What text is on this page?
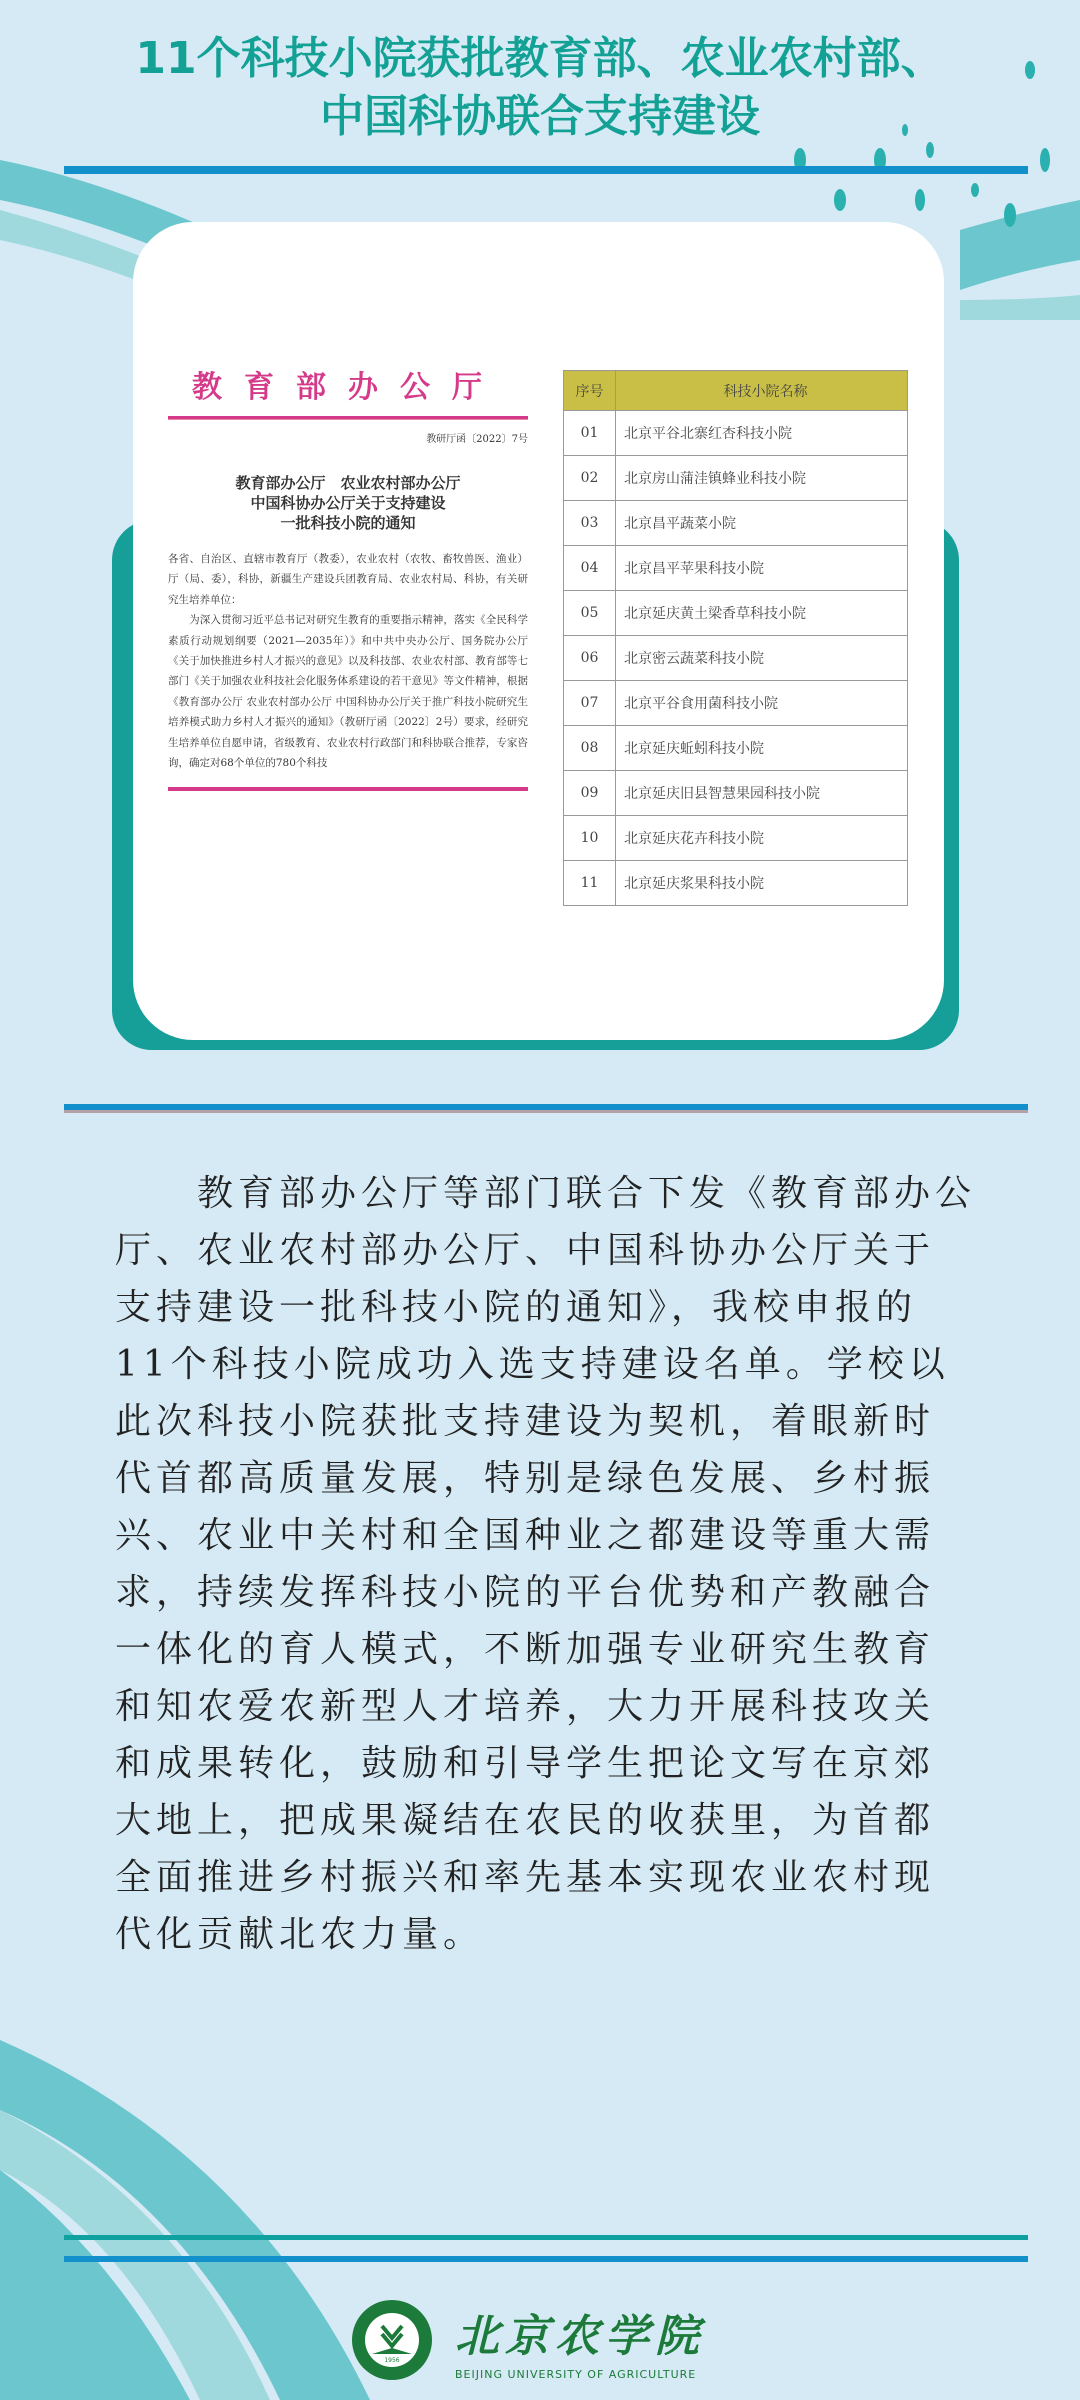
11个科技小院获批教育部、农业农村部、
中国科协联合支持建设
教育部办公厅
教研厅函〔2022〕7号
教育部办公厅　农业农村部办公厅
中国科协办公厅关于支持建设
一批科技小院的通知
各省、自治区、直辖市教育厅（教委），农业农村（农牧、畜牧兽医、渔业）厅（局、委），科协，新疆生产建设兵团教育局、农业农村局、科协，有关研究生培养单位：
　　为深入贯彻习近平总书记对研究生教育的重要指示精神，落实《全民科学素质行动规划纲要（2021—2035年）》和中共中央办公厅、国务院办公厅《关于加快推进乡村人才振兴的意见》以及科技部、农业农村部、教育部等七部门《关于加强农业科技社会化服务体系建设的若干意见》等文件精神，根据《教育部办公厅 农业农村部办公厅 中国科协办公厅关于推广科技小院研究生培养模式助力乡村人才振兴的通知》（教研厅函〔2022〕2号）要求，经研究生培养单位自愿申请，省级教育、农业农村行政部门和科协联合推荐，专家咨询，确定对68个单位的780个科技
序号	科技小院名称
01	北京平谷北寨红杏科技小院
02	北京房山蒲洼镇蜂业科技小院
03	北京昌平蔬菜小院
04	北京昌平苹果科技小院
05	北京延庆黄土梁香草科技小院
06	北京密云蔬菜科技小院
07	北京平谷食用菌科技小院
08	北京延庆蚯蚓科技小院
09	北京延庆旧县智慧果园科技小院
10	北京延庆花卉科技小院
11	北京延庆浆果科技小院
　　教育部办公厅等部门联合下发《教育部办公
厅、农业农村部办公厅、中国科协办公厅关于
支持建设一批科技小院的通知》，我校申报的
11个科技小院成功入选支持建设名单。学校以
此次科技小院获批支持建设为契机，着眼新时
代首都高质量发展，特别是绿色发展、乡村振
兴、农业中关村和全国种业之都建设等重大需
求，持续发挥科技小院的平台优势和产教融合
一体化的育人模式，不断加强专业研究生教育
和知农爱农新型人才培养，大力开展科技攻关
和成果转化，鼓励和引导学生把论文写在京郊
大地上，把成果凝结在农民的收获里，为首都
全面推进乡村振兴和率先基本实现农业农村现
代化贡献北农力量。
1956 北京农学院
BEIJING UNIVERSITY OF AGRICULTURE
